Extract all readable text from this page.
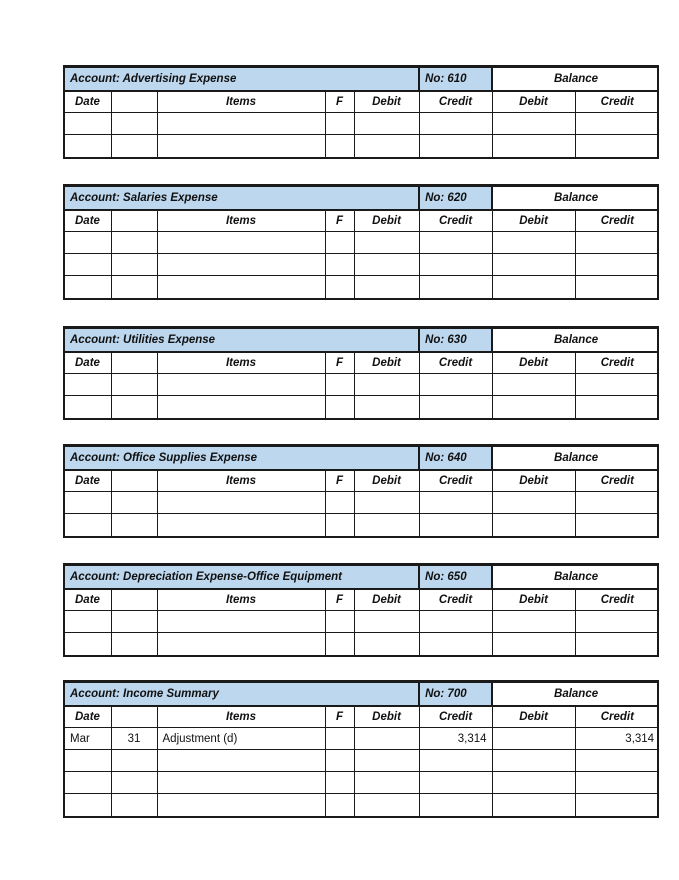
Account: Advertising Expense					No: 610	Balance	
Date		Items	F	Debit	Credit	Debit	Credit

Account: Salaries Expense					No: 620	Balance	
Date		Items	F	Debit	Credit	Debit	Credit

Account: Utilities Expense					No: 630	Balance	
Date		Items	F	Debit	Credit	Debit	Credit

Account: Office Supplies Expense					No: 640	Balance	
Date		Items	F	Debit	Credit	Debit	Credit

Account: Depreciation Expense-Office Equipment					No: 650	Balance	
Date		Items	F	Debit	Credit	Debit	Credit

Account: Income Summary					No: 700	Balance	
Date		Items	F	Debit	Credit	Debit	Credit
Mar	31	Adjustment (d)			3,314		3,314
